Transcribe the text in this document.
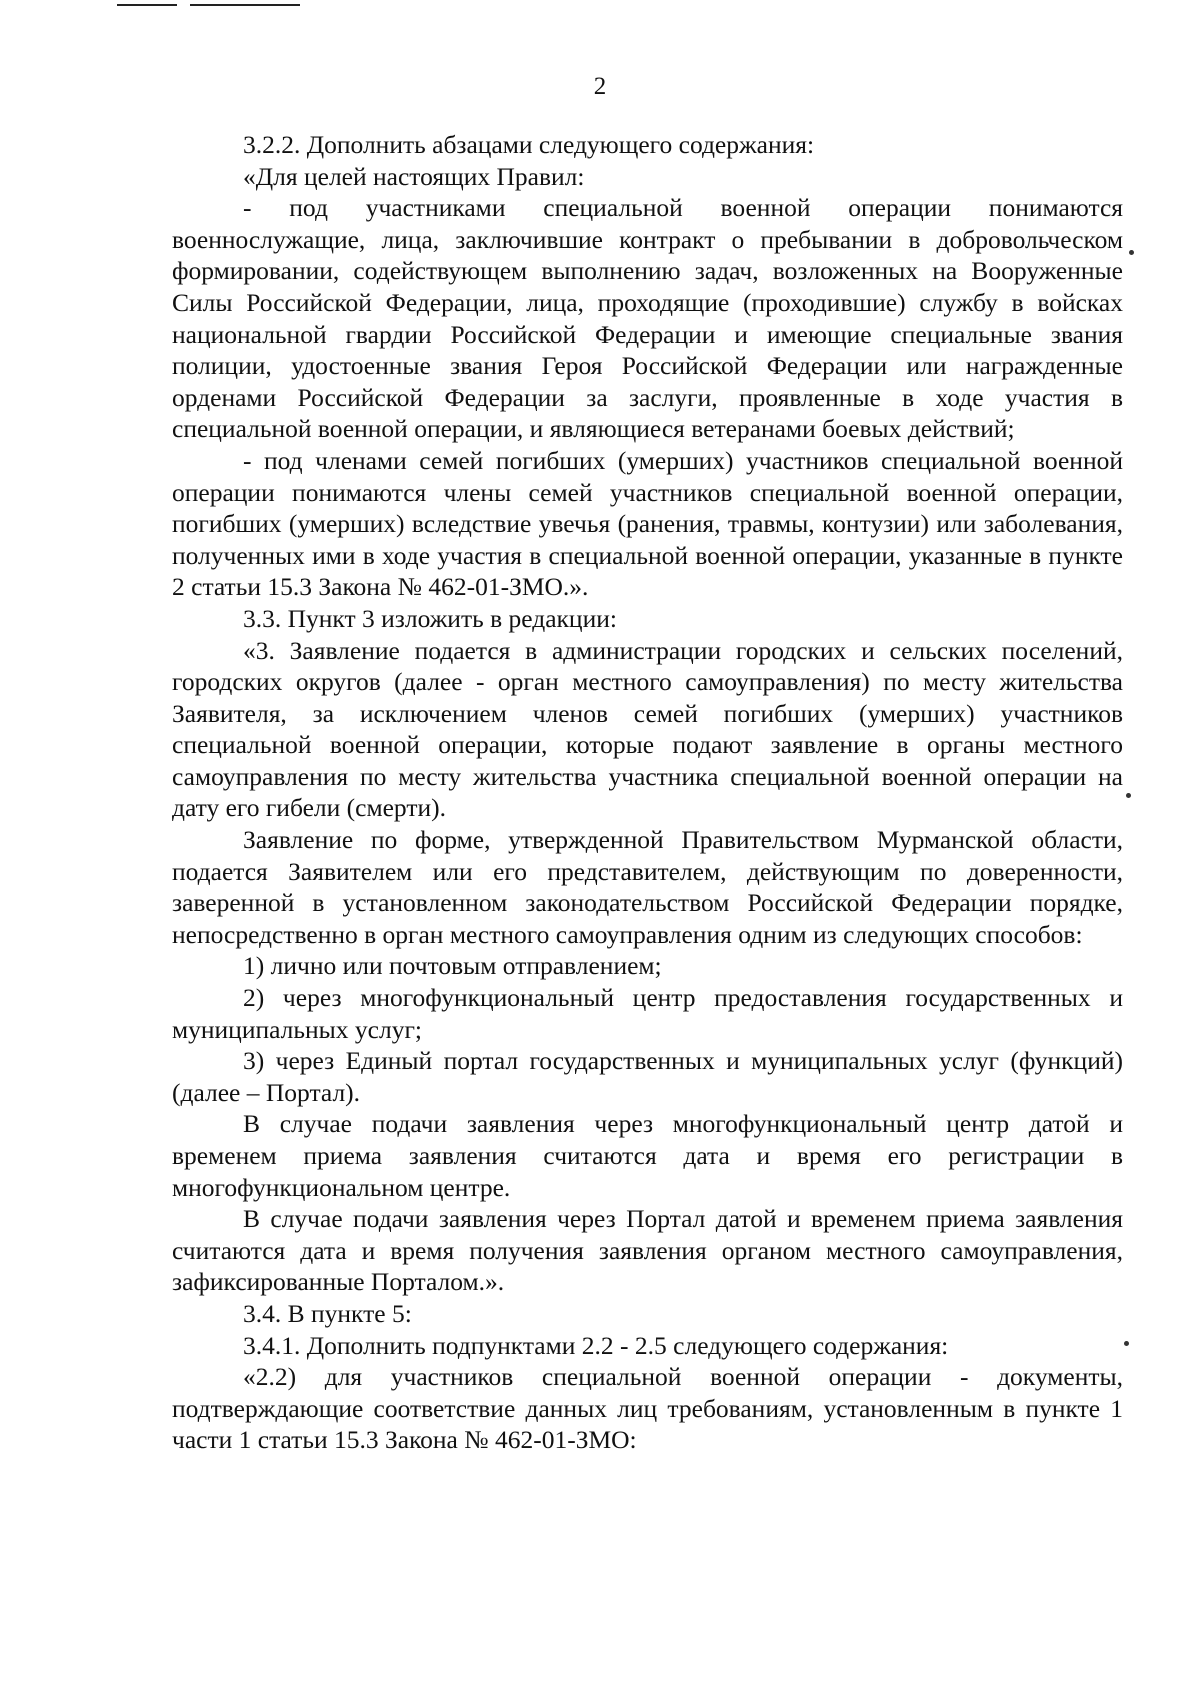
2

3.2.2. Дополнить абзацами следующего содержания:

«Для целей настоящих Правил:

- под участниками специальной военной операции понимаются военнослужащие, лица, заключившие контракт о пребывании в добровольческом формировании, содействующем выполнению задач, возложенных на Вооруженные Силы Российской Федерации, лица, проходящие (проходившие) службу в войсках национальной гвардии Российской Федерации и имеющие специальные звания полиции, удостоенные звания Героя Российской Федерации или награжденные орденами Российской Федерации за заслуги, проявленные в ходе участия в специальной военной операции, и являющиеся ветеранами боевых действий;

- под членами семей погибших (умерших) участников специальной военной операции понимаются члены семей участников специальной военной операции, погибших (умерших) вследствие увечья (ранения, травмы, контузии) или заболевания, полученных ими в ходе участия в специальной военной операции, указанные в пункте 2 статьи 15.3 Закона № 462-01-ЗМО.».

3.3. Пункт 3 изложить в редакции:

«3. Заявление подается в администрации городских и сельских поселений, городских округов (далее - орган местного самоуправления) по месту жительства Заявителя, за исключением членов семей погибших (умерших) участников специальной военной операции, которые подают заявление в органы местного самоуправления по месту жительства участника специальной военной операции на дату его гибели (смерти).

Заявление по форме, утвержденной Правительством Мурманской области, подается Заявителем или его представителем, действующим по доверенности, заверенной в установленном законодательством Российской Федерации порядке, непосредственно в орган местного самоуправления одним из следующих способов:

1) лично или почтовым отправлением;

2) через многофункциональный центр предоставления государственных и муниципальных услуг;

3) через Единый портал государственных и муниципальных услуг (функций) (далее – Портал).

В случае подачи заявления через многофункциональный центр датой и временем приема заявления считаются дата и время его регистрации в многофункциональном центре.

В случае подачи заявления через Портал датой и временем приема заявления считаются дата и время получения заявления органом местного самоуправления, зафиксированные Порталом.».

3.4. В пункте 5:

3.4.1. Дополнить подпунктами 2.2 - 2.5 следующего содержания:

«2.2) для участников специальной военной операции - документы, подтверждающие соответствие данных лиц требованиям, установленным в пункте 1 части 1 статьи 15.3 Закона № 462-01-ЗМО:
